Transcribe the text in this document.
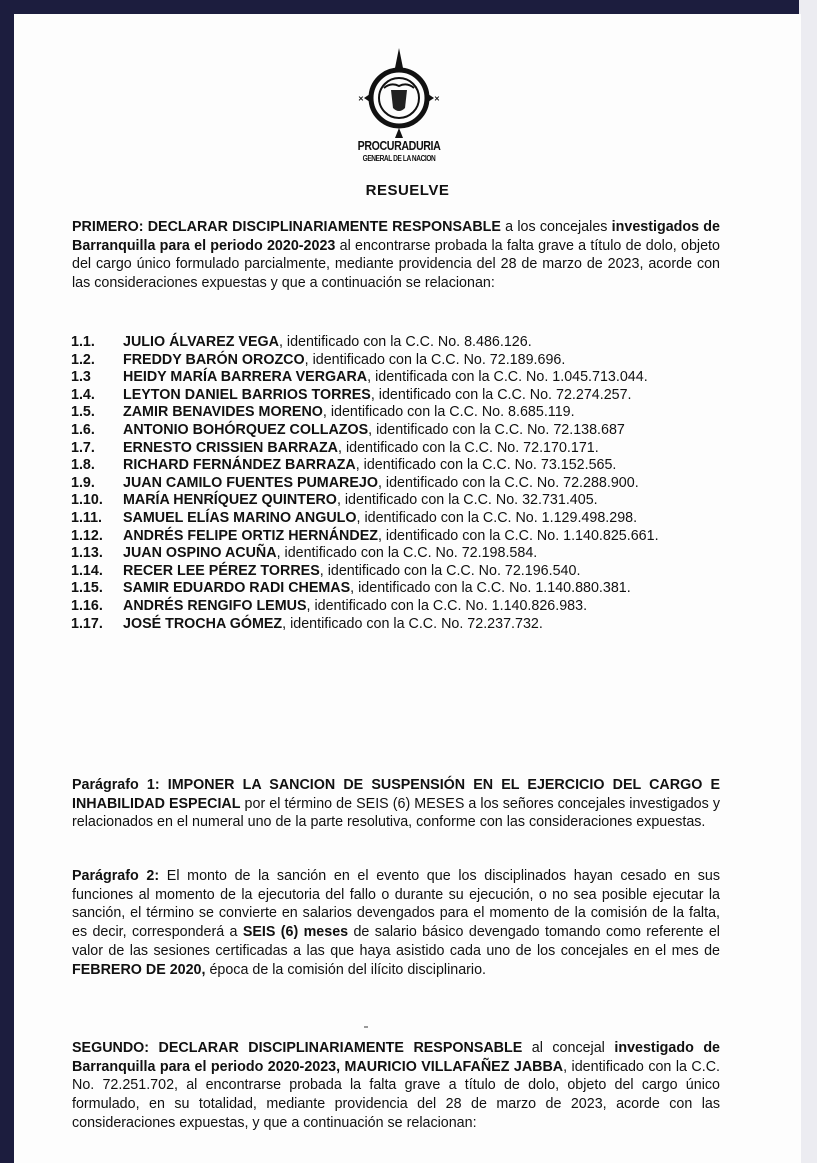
✕	✕
PROCURADURIA
GENERAL DE LA NACION
RESUELVE
PRIMERO: DECLARAR DISCIPLINARIAMENTE RESPONSABLE a los concejales investigados de Barranquilla para el periodo 2020-2023 al encontrarse probada la falta grave a título de dolo, objeto del cargo único formulado parcialmente, mediante providencia del 28 de marzo de 2023, acorde con las consideraciones expuestas y que a continuación se relacionan:
1.1.	JULIO ÁLVAREZ VEGA, identificado con la C.C. No. 8.486.126.
1.2.	FREDDY BARÓN OROZCO, identificado con la C.C. No. 72.189.696.
1.3	HEIDY MARÍA BARRERA VERGARA, identificada con la C.C. No. 1.045.713.044.
1.4.	LEYTON DANIEL BARRIOS TORRES, identificado con la C.C. No. 72.274.257.
1.5.	ZAMIR BENAVIDES MORENO, identificado con la C.C. No. 8.685.119.
1.6.	ANTONIO BOHÓRQUEZ COLLAZOS, identificado con la C.C. No. 72.138.687
1.7.	ERNESTO CRISSIEN BARRAZA, identificado con la C.C. No. 72.170.171.
1.8.	RICHARD FERNÁNDEZ BARRAZA, identificado con la C.C. No. 73.152.565.
1.9.	JUAN CAMILO FUENTES PUMAREJO, identificado con la C.C. No. 72.288.900.
1.10.	MARÍA HENRÍQUEZ QUINTERO, identificado con la C.C. No. 32.731.405.
1.11.	SAMUEL ELÍAS MARINO ANGULO, identificado con la C.C. No. 1.129.498.298.
1.12.	ANDRÉS FELIPE ORTIZ HERNÁNDEZ, identificado con la C.C. No. 1.140.825.661.
1.13.	JUAN OSPINO ACUÑA, identificado con la C.C. No. 72.198.584.
1.14.	RECER LEE PÉREZ TORRES, identificado con la C.C. No. 72.196.540.
1.15.	SAMIR EDUARDO RADI CHEMAS, identificado con la C.C. No. 1.140.880.381.
1.16.	ANDRÉS RENGIFO LEMUS, identificado con la C.C. No. 1.140.826.983.
1.17.	JOSÉ TROCHA GÓMEZ, identificado con la C.C. No. 72.237.732.
Parágrafo 1: IMPONER LA SANCION DE SUSPENSIÓN EN EL EJERCICIO DEL CARGO E INHABILIDAD ESPECIAL por el término de SEIS (6) MESES a los señores concejales investigados y relacionados en el numeral uno de la parte resolutiva, conforme con las consideraciones expuestas.
Parágrafo 2: El monto de la sanción en el evento que los disciplinados hayan cesado en sus funciones al momento de la ejecutoria del fallo o durante su ejecución, o no sea posible ejecutar la sanción, el término se convierte en salarios devengados para el momento de la comisión de la falta, es decir, corresponderá a SEIS (6) meses de salario básico devengado tomando como referente el valor de las sesiones certificadas a las que haya asistido cada uno de los concejales en el mes de FEBRERO DE 2020, época de la comisión del ilícito disciplinario.
SEGUNDO: DECLARAR DISCIPLINARIAMENTE RESPONSABLE al concejal investigado de Barranquilla para el periodo 2020-2023, MAURICIO VILLAFAÑEZ JABBA, identificado con la C.C. No. 72.251.702, al encontrarse probada la falta grave a título de dolo, objeto del cargo único formulado, en su totalidad, mediante providencia del 28 de marzo de 2023, acorde con las consideraciones expuestas, y que a continuación se relacionan:
